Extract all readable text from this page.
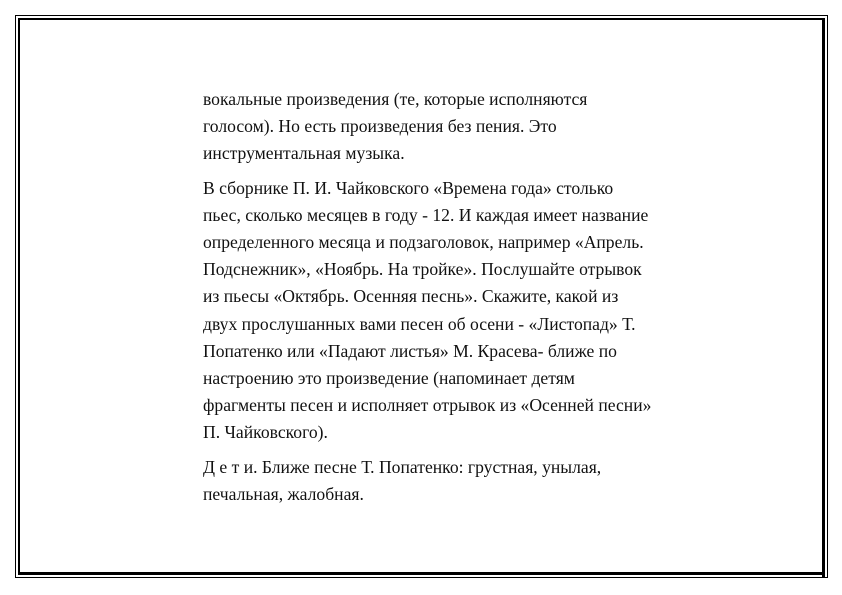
вокальные произведения (те, которые исполняются
голосом). Но есть произведения без пения. Это
инструментальная музыка.

В сборнике П. И. Чайковского «Времена года» столько
пьес, сколько месяцев в году - 12. И каждая имеет название
определенного месяца и подзаголовок, например «Апрель.
Подснежник», «Ноябрь. На тройке». Послушайте отрывок
из пьесы «Октябрь. Осенняя песнь». Скажите, какой из
двух прослушанных вами песен об осени - «Листопад» Т.
Попатенко или «Падают листья» М. Красева- ближе по
настроению это произведение (напоминает детям
фрагменты песен и исполняет отрывок из «Осенней песни»
П. Чайковского).

Д е т и. Ближе песне Т. Попатенко: грустная, унылая,
печальная, жалобная.
